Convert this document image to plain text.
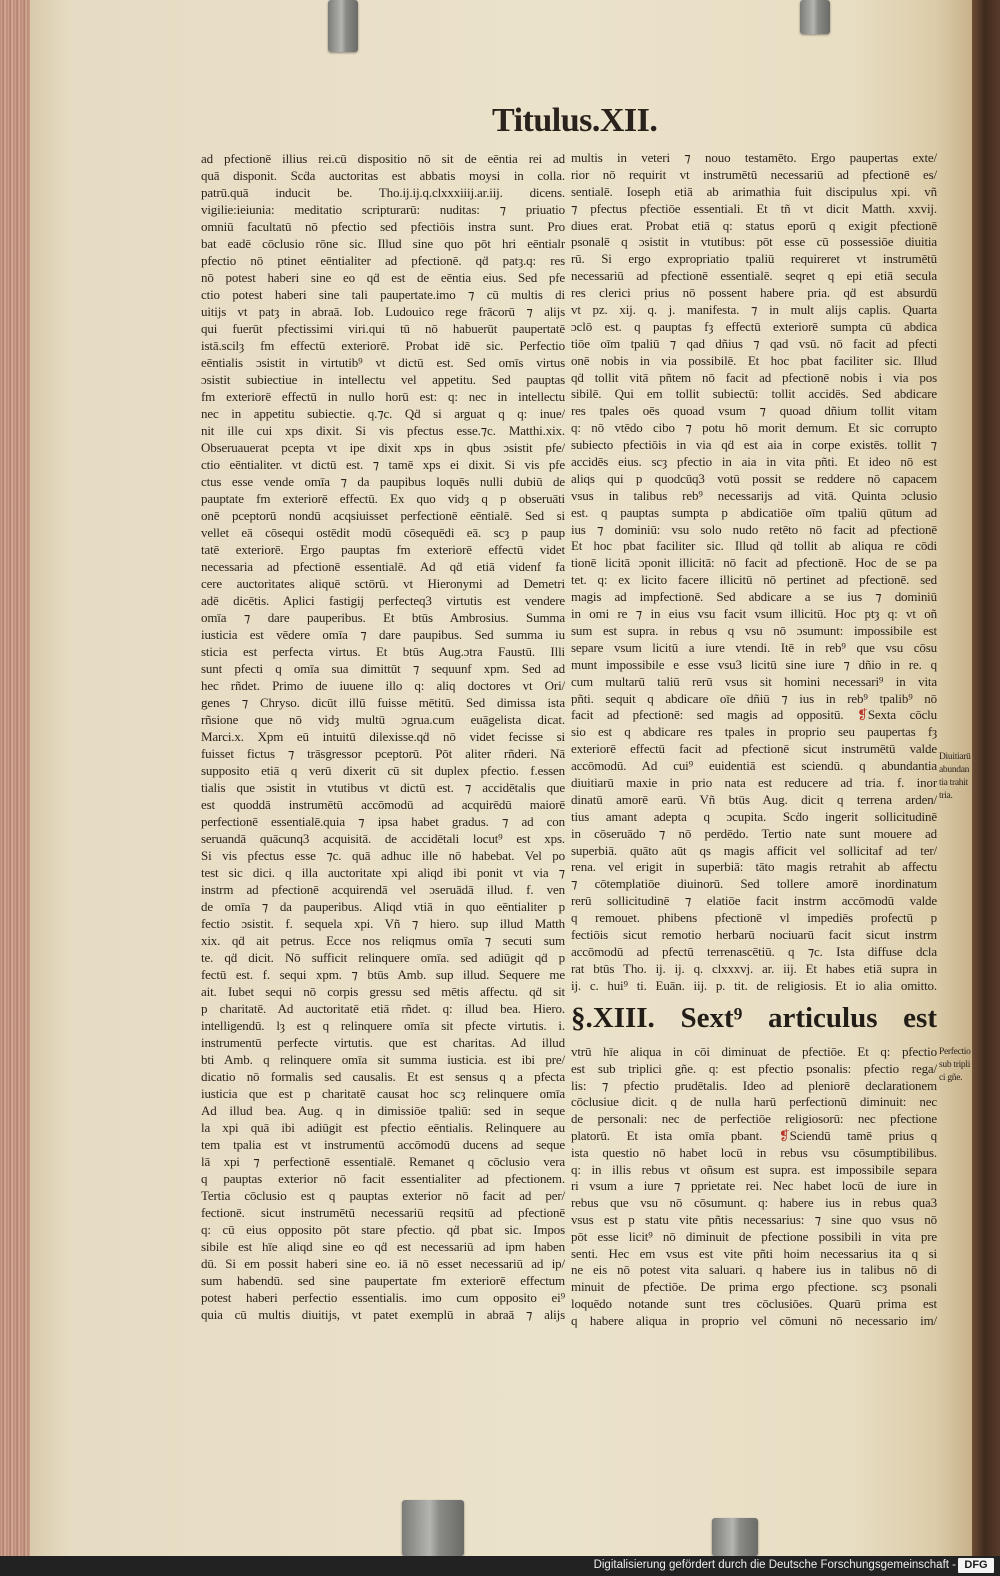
Titulus.XII.
ad pfectionē illius rei.cū dispositio nō sit de eēntia rei ad
quā disponit. Scḋa auctoritas est abbatis moysi in colla.
patrū.quā inducit be. Tho.ij.ij.q.clxxxiiij.ar.iij. dicens.
vigilie:ieiunia: meditatio scripturarū: nuditas: ⁊ priuatio
omniū facultatū nō pfectio sed pfectiōis instra sunt. Pro
bat eadē cōclusio rōne sic. Illud sine quo pōt hri eēntialr
pfectio nō ptinet eēntialiter ad pfectionē. qḋ patȝ.q: res
nō potest haberi sine eo qḋ est de eēntia eius. Sed pfe
ctio potest haberi sine tali paupertate.imo ⁊ cū multis di
uitijs vt patȝ in abraā. Iob. Ludouico rege frācorū ⁊ alijs
qui fuerūt pfectissimi viri.qui tū nō habuerūt paupertatē
istā.scilȝ fm effectū exteriorē. Probat idē sic. Perfectio
eēntialis ɔsistit in virtutib⁹ vt dictū est. Sed omīs virtus
ɔsistit subiectiue in intellectu vel appetitu. Sed pauptas
fm exteriorē effectū in nullo horū est: q: nec in intellectu
nec in appetitu subiectie. q.⁊c. Qḋ si arguat q q: inue/
nit ille cui xps dixit. Si vis pfectus esse.⁊c. Matthi.xix.
Obseruauerat pcepta vt ipe dixit xps in qbus ɔsistit pfe/
ctio eēntialiter. vt dictū est. ⁊ tamē xps ei dixit. Si vis pfe
ctus esse vende omīa ⁊ da paupibus loquēs nulli dubiū de
pauptate fm exteriorē effectū. Ex quo vidȝ q p obseruāti
onē pceptorū nondū acqsiuisset perfectionē eēntialē. Sed si
vellet eā cōsequi ostēdit modū cōsequēdi eā. scȝ p paup
tatē exteriorē. Ergo pauptas fm exteriorē effectū videt
necessaria ad pfectionē essentialē. Ad qḋ etiā videnf fa
cere auctoritates aliquē sctōrū. vt Hieronymi ad Demetri
adē dicētis. Aplici fastigij perfecteq3 virtutis est vendere
omīa ⁊ dare pauperibus. Et btūs Ambrosius. Summa
iusticia est vēdere omīa ⁊ dare paupibus. Sed summa iu
sticia est perfecta virtus. Et btūs Aug.ɔtra Faustū. Illi
sunt pfecti q omīa sua dimittūt ⁊ sequunf xpm. Sed ad
hec rñdet. Primo de iuuene illo q: aliq doctores vt Ori/
genes ⁊ Chryso. dicūt illū fuisse mētitū. Sed dimissa ista
rñsione que nō vidȝ multū ɔgrua.cum euāgelista dicat.
Marci.x. Xpm eū intuitū dilexisse.qḋ nō videt fecisse si
fuisset fictus ⁊ trāsgressor pceptorū. Pōt aliter rñderi. Nā
supposito etiā q verū dixerit cū sit duplex pfectio. f.essen
tialis que ɔsistit in vtutibus vt dictū est. ⁊ accidētalis que
est quoddā instrumētū accōmodū ad acquirēdū maiorē
perfectionē essentialē.quia ⁊ ipsa habet gradus. ⁊ ad con
seruandā quācunq3 acquisitā. de accidētali locut⁹ est xps.
Si vis pfectus esse ⁊c. quā adhuc ille nō habebat. Vel po
test sic dici. q illa auctoritate xpi aliqd ibi ponit vt via ⁊
instrm ad pfectionē acquirendā vel ɔseruādā illud. f. ven
de omīa ⁊ da pauperibus. Aliqd vtiā in quo eēntialiter p
fectio ɔsistit. f. sequela xpi. Vñ ⁊ hiero. sup illud Matth
xix. qḋ ait petrus. Ecce nos reliqmus omīa ⁊ secuti sum
te. qḋ dicit. Nō sufficit relinquere omīa. sed adiūgit qḋ p
fectū est. f. sequi xpm. ⁊ btūs Amb. sup illud. Sequere me
ait. Iubet sequi nō corpis gressu sed mētis affectu. qḋ sit
p charitatē. Ad auctoritatē etiā rñdet. q: illud bea. Hiero.
intelligendū. lȝ est q relinquere omīa sit pfecte virtutis. i.
instrumentū perfecte virtutis. que est charitas. Ad illud
bti Amb. q relinquere omīa sit summa iusticia. est ibi pre/
dicatio nō formalis sed causalis. Et est sensus q a pfecta
iusticia que est p charitatē causat hoc scȝ relinquere omīa
Ad illud bea. Aug. q in dimissiōe tpaliū: sed in seque
la xpi quā ibi adiūgit est pfectio eēntialis. Relinquere au
tem tpalia est vt instrumentū accōmodū ducens ad seque
lā xpi ⁊ perfectionē essentialē. Remanet q cōclusio vera
q pauptas exterior nō facit essentialiter ad pfectionem.
Tertia cōclusio est q pauptas exterior nō facit ad per/
fectionē. sicut instrumētū necessariū reqsitū ad pfectionē
q: cū eius opposito pōt stare pfectio. qḋ pbat sic. Impos
sibile est hīe aliqd sine eo qḋ est necessariū ad ipm haben
dū. Si em possit haberi sine eo. iā nō esset necessariū ad ip/
sum habendū. sed sine paupertate fm exteriorē effectum
potest haberi perfectio essentialis. imo cum opposito ei⁹
quia cū multis diuitijs, vt patet exemplū in abraā ⁊ alijs
multis in veteri ⁊ nouo testamēto. Ergo paupertas exte/
rior nō requirit vt instrumētū necessariū ad pfectionē es/
sentialē. Ioseph etiā ab arimathia fuit discipulus xpi. vñ
⁊ pfectus pfectiōe essentiali. Et tñ vt dicit Matth. xxvij.
diues erat. Probat etiā q: status eporū q exigit pfectionē
psonalē q ɔsistit in vtutibus: pōt esse cū possessiōe diuitia
rū. Si ergo expropriatio tpaliū requireret vt instrumētū
necessariū ad pfectionē essentialē. seqret q epi etiā secula
res clerici prius nō possent habere pria. qḋ est absurdū
vt pz. xij. q. j. manifesta. ⁊ in mult alijs caplis. Quarta
ɔclō est. q pauptas fȝ effectū exteriorē sumpta cū abdica
tiōe oīm tpaliū ⁊ qad dñius ⁊ qad vsū. nō facit ad pfecti
onē nobis in via possibilē. Et hoc pbat faciliter sic. Illud
qḋ tollit vitā pñtem nō facit ad pfectionē nobis i via pos
sibilē. Qui em tollit subiectū: tollit accidēs. Sed abdicare
res tpales oēs quoad vsum ⁊ quoad dñium tollit vitam
q: nō vtēdo cibo ⁊ potu hō morit demum. Et sic corrupto
subiecto pfectiōis in via qḋ est aia in corpe existēs. tollit ⁊
accidēs eius. scȝ pfectio in aia in vita pñti. Et ideo nō est
aliqs qui p quodcūq3 votū possit se reddere nō capacem
vsus in talibus reb⁹ necessarijs ad vitā. Quinta ɔclusio
est. q pauptas sumpta p abdicatiōe oīm tpaliū qūtum ad
ius ⁊ dominiū: vsu solo nudo retēto nō facit ad pfectionē
Et hoc pbat faciliter sic. Illud qḋ tollit ab aliqua re cōdi
tionē licitā ɔponit illicitā: nō facit ad pfectionē. Hoc de se pa
tet. q: ex licito facere illicitū nō pertinet ad pfectionē. sed
magis ad impfectionē. Sed abdicare a se ius ⁊ dominiū
in omi re ⁊ in eius vsu facit vsum illicitū. Hoc ptȝ q: vt oñ
sum est supra. in rebus q vsu nō ɔsumunt: impossibile est
separe vsum licitū a iure vtendi. Itē in reb⁹ que vsu cōsu
munt impossibile e esse vsu3 licitū sine iure ⁊ dñio in re. q
cum multarū taliū rerū vsus sit homini necessari⁹ in vita
pñti. sequit q abdicare oīe dñiū ⁊ ius in reb⁹ tpalib⁹ nō
facit ad pfectionē: sed magis ad oppositū. ❡Sexta cōclu
sio est q abdicare res tpales in proprio seu paupertas fȝ
exteriorē effectū facit ad pfectionē sicut instrumētū valde
accōmodū. Ad cui⁹ euidentiā est sciendū. q abundantia
diuitiarū maxie in prio nata est reducere ad tria. f. inor
dinatū amorē earū. Vñ btūs Aug. dicit q terrena arden/
tius amant adepta q ɔcupita. Scḋo ingerit sollicitudinē
in cōseruādo ⁊ nō perdēdo. Tertio nate sunt mouere ad
superbiā. quāto aūt qs magis afficit vel sollicitaf ad ter/
rena. vel erigit in superbiā: tāto magis retrahit ab affectu
⁊ cōtemplatiōe diuinorū. Sed tollere amorē inordinatum
rerū sollicitudinē ⁊ elatiōe facit instrm accōmodū valde
q remouet. phibens pfectionē vl impediēs profectū p
fectiōis sicut remotio herbarū nociuarū facit sicut instrm
accōmodū ad pfectū terrenascētiū. q ⁊c. Ista diffuse dcla
rat btūs Tho. ij. ij. q. clxxxvj. ar. iij. Et habes etiā supra in
ij. c. hui⁹ ti. Euān. iij. p. tit. de religiosis. Et io alia omitto.
§.XIII. Sext⁹ articulus est
vtrū hīe aliqua in cōi diminuat de pfectiōe. Et q: pfectio
est sub triplici gñe. q: est pfectio psonalis: pfectio rega/
lis: ⁊ pfectio prudētalis. Ideo ad pleniorē declarationem
cōclusiue dicit. q de nulla harū perfectionū diminuit: nec
de personali: nec de perfectiōe religiosorū: nec pfectione
platorū. Et ista omīa pbant. ❡Sciendū tamē prius q
ista questio nō habet locū in rebus vsu cōsumptibilibus.
q: in illis rebus vt oñsum est supra. est impossibile separa
ri vsum a iure ⁊ pprietate rei. Nec habet locū de iure in
rebus que vsu nō cōsumunt. q: habere ius in rebus qua3
vsus est p statu vite pñtis necessarius: ⁊ sine quo vsus nō
pōt esse licit⁹ nō diminuit de pfectione possibili in vita pre
senti. Hec em vsus est vite pñti hoim necessarius ita q si
ne eis nō potest vita saluari. q habere ius in talibus nō di
minuit de pfectiōe. De prima ergo pfectione. scȝ psonali
loquēdo notande sunt tres cōclusiōes. Quarū prima est
q habere aliqua in proprio vel cōmuni nō necessario im/
Diuitiarū
abundan
tia trahit
tria.
Perfectio
sub tripli
ci gñe.
Digitalisierung gefördert durch die Deutsche Forschungsgemeinschaft - DFG
